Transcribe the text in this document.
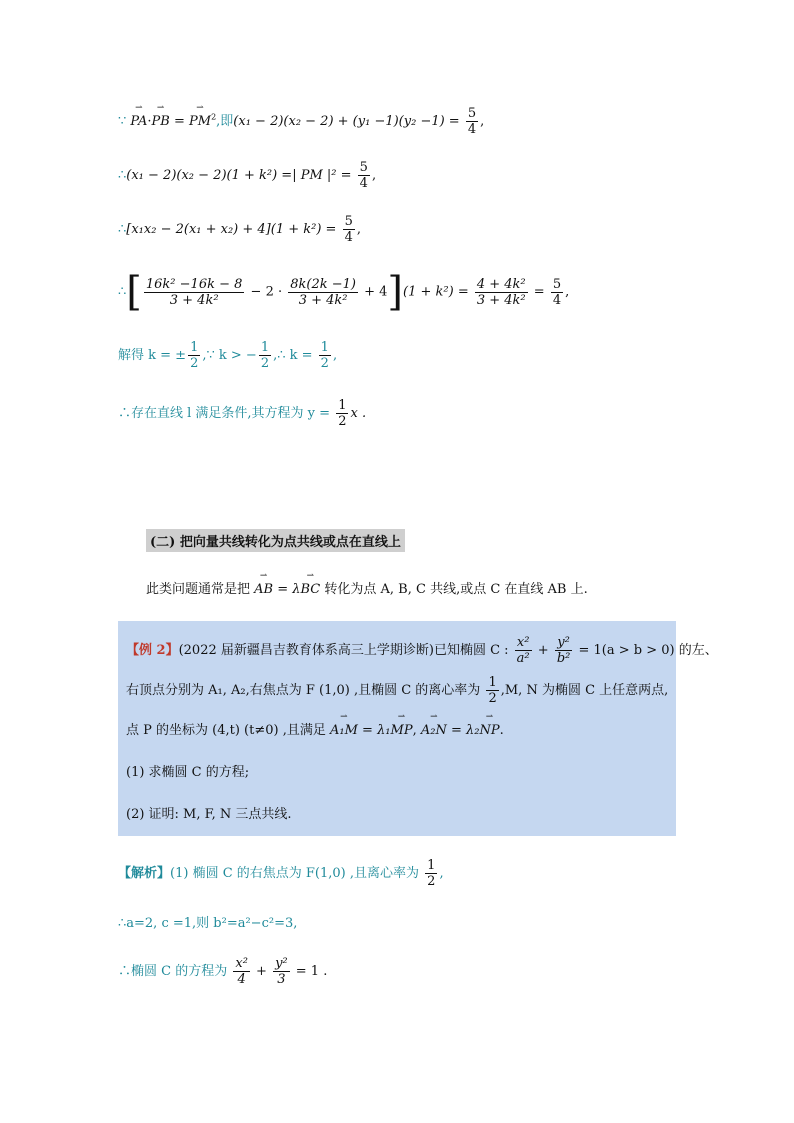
∵ ⇀ PA·⇀ PB = ⇀ $PM^2$,即$(x_1 - 2)(x_2 - 2) + (y_1 -1)(y_2 -1) = \frac{5}{4}$ ,
∴(x₁ − 2)(x₂ − 2)(1 + k²) =| PM $|^2 = \frac{5}{4}$ ,
∴[x₁x₂ − $2(x_1 + x_2) + 4](1 + k^2) = \frac{5}{4}$ ,
∴[ $\frac{\text{16k² −16k − 8}}{\text{3 + 4k²}} - 2 \cdot \frac{8k(2k -1)}{\text{3 + 4k²}} + 4](1 + k^2) = \frac{\text{4 + 4k²}}{\text{3 + 4k²}} = \frac{5}{4}$ ,
解得 k = ± $\frac{1}{2}$ ,∵ k > − $\frac{1}{2}$ ,∴ $k = \frac{1}{2}$ ,
∴存在直线 l 满足条件,其方程为 $y = \frac{1}{2}$ x .
(二) 把向量共线转化为点共线或点在直线上
此类问题通常是把 ⇀ AB = λ⇀ BC 转化为点 A, B, C 共线,或点 C 在直线 AB 上.
【例 2】(2022 届新疆昌吉教育体系高三上学期诊断)已知椭圆 C : $\frac{\text{x²}}{\text{a²}} + \frac{\text{y²}}{\text{b²}} = 1(a > b > 0)$ 的左、
右顶点分别为 A₁, A₂,右焦点为 F (1,0) ,且椭圆 C 的离心率为 $\frac{1}{2} ,M$, N 为椭圆 C 上任意两点,
点 P 的坐标为 (4,t) (t≠0) ,且满足 ⇀ A₁M = λ₁⇀ MP, ⇀ A₂N = λ₂⇀ NP.
(1) 求椭圆 C 的方程;
(2) 证明: M, F, N 三点共线.
【解析】(1) 椭圆 C 的右焦点为 F(1,0) ,且离心率为 $\frac{1}{2}$ ,
∴a=2, c =1,则 b²=a²−c²=3,
∴椭圆 C 的方程为 $\frac{\text{x²}}{4} + \frac{\text{y²}}{3} = 1$ .
